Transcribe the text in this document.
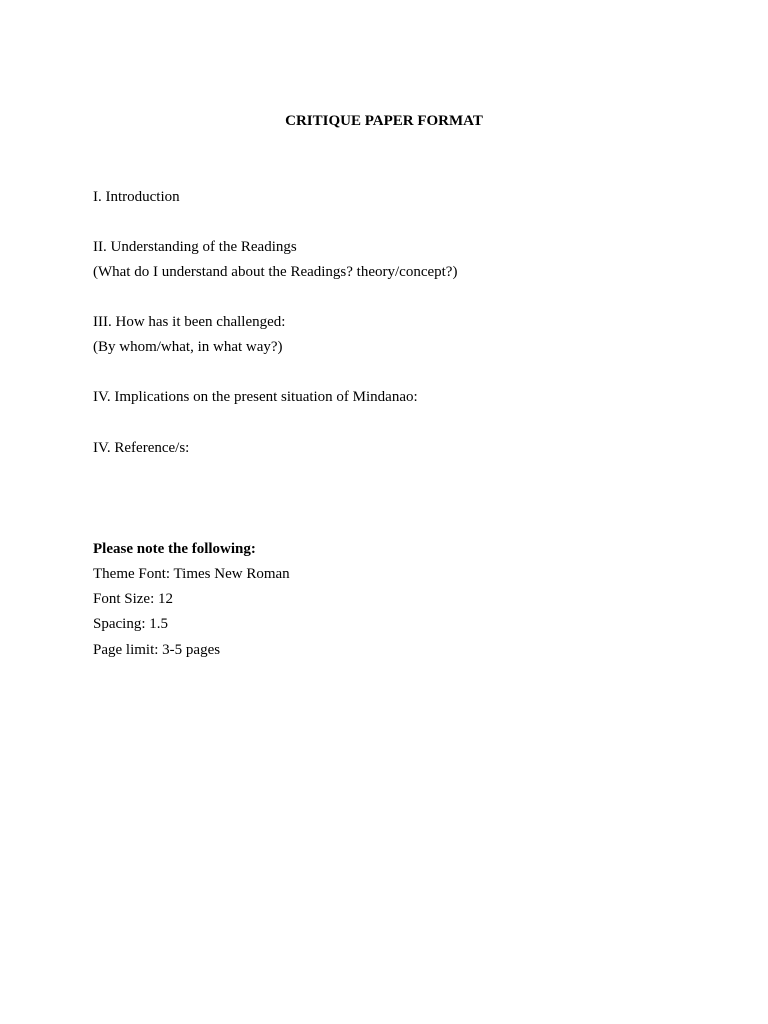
CRITIQUE PAPER FORMAT
I. Introduction
II. Understanding of the Readings
(What do I understand about the Readings? theory/concept?)
III. How has it been challenged:
(By whom/what, in what way?)
IV. Implications on the present situation of Mindanao:
IV. Reference/s:
Please note the following:
Theme Font: Times New Roman
Font Size: 12
Spacing: 1.5
Page limit: 3-5 pages
